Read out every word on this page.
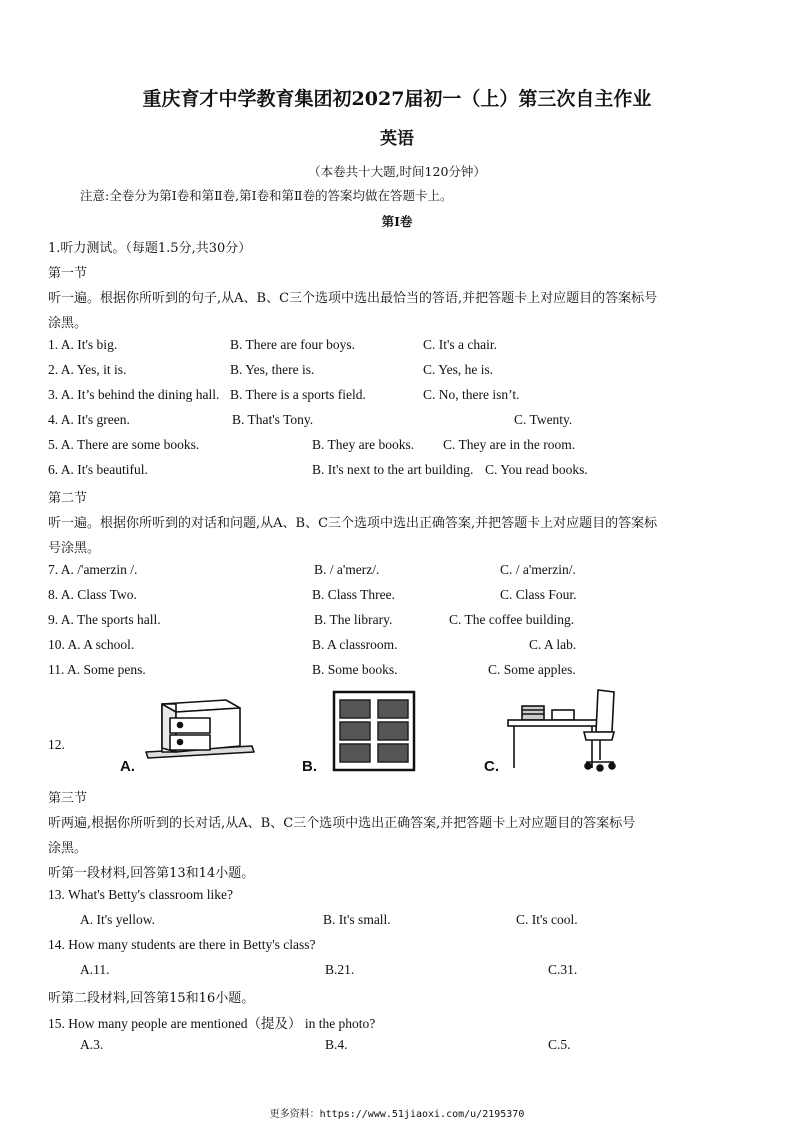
重庆育才中学教育集团初2027届初一（上）第三次自主作业
英语
（本卷共十大题,时间120分钟）
注意:全卷分为第I卷和第Ⅱ卷,第I卷和第Ⅱ卷的答案均做在答题卡上。
第Ⅰ卷
1.听力测试。（每题1.5分,共30分）
第一节
听一遍。根据你所听到的句子,从A、B、C三个选项中选出最恰当的答语,并把答题卡上对应题目的答案标号
涂黑。
1. A. It's big.	B. There are four boys.	C. It's a chair.
2. A. Yes, it is.	B. Yes, there is.	C. Yes, he is.
3. A. It’s behind the dining hall. B. There is a sports field.	C. No, there isn’t.
4. A. It's green.	B. That's Tony.	C. Twenty.
5. A. There are some books.	B. They are books. C. They are in the room.
6. A. It's beautiful.	B. It's next to the art building. C. You read books.
第二节
听一遍。根据你所听到的对话和问题,从A、B、C三个选项中选出正确答案,并把答题卡上对应题目的答案标
号涂黑。
7. A. /'amerzin /.	B. / a'merz/.	C. / a'merzin/.
8. A. Class Two.	B. Class Three.	C. Class Four.
9. A. The sports hall.	B. The library.	C. The coffee building.
10. A. A school.	B. A classroom.	C. A lab.
11. A. Some pens.	B. Some books.	C. Some apples.
12.
A.	B.	C.
第三节
听两遍,根据你所听到的长对话,从A、B、C三个选项中选出正确答案,并把答题卡上对应题目的答案标号
涂黑。
听第一段材料,回答第13和14小题。
13. What's Betty's classroom like?
A. It's yellow.	B. It's small.	C. It's cool.
14. How many students are there in Betty's class?
A.11.	B.21.	C.31.
听第二段材料,回答第15和16小题。
15. How many people are mentioned（提及） in the photo?
A.3.	B.4.	C.5.
更多资料：https://www.51jiaoxi.com/u/2195370
